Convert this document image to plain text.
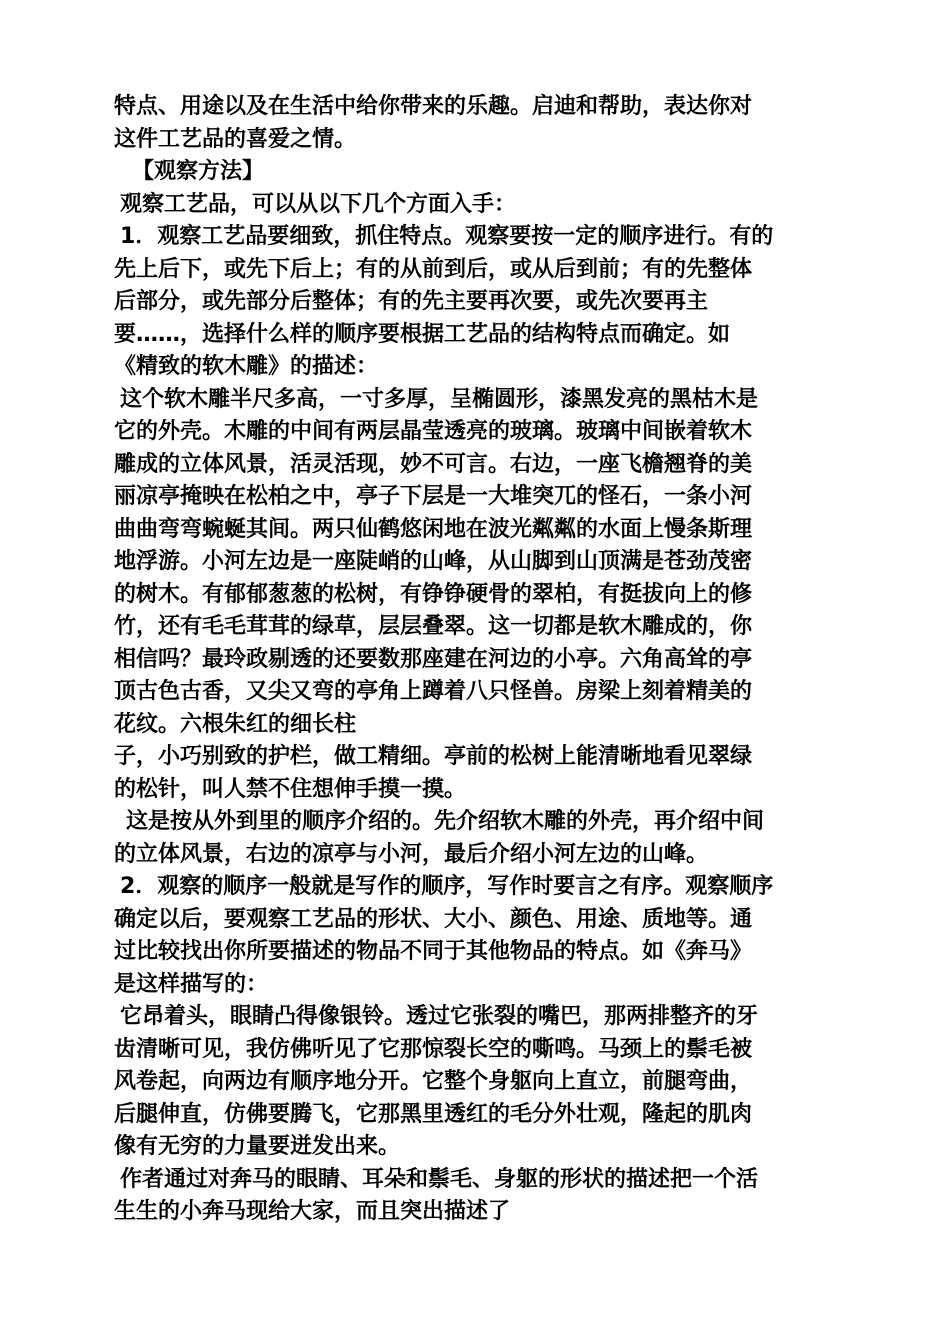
特点、用途以及在生活中给你带来的乐趣。启迪和帮助，表达你对
这件工艺品的喜爱之情。
【观察方法】
观察工艺品，可以从以下几个方面入手：
1．观察工艺品要细致，抓住特点。观察要按一定的顺序进行。有的
先上后下，或先下后上；有的从前到后，或从后到前；有的先整体
后部分，或先部分后整体；有的先主要再次要，或先次要再主
要……，选择什么样的顺序要根据工艺品的结构特点而确定。如
《精致的软木雕》的描述：
这个软木雕半尺多高，一寸多厚，呈椭圆形，漆黑发亮的黑枯木是
它的外壳。木雕的中间有两层晶莹透亮的玻璃。玻璃中间嵌着软木
雕成的立体风景，活灵活现，妙不可言。右边，一座飞檐翘脊的美
丽凉亭掩映在松柏之中，亭子下层是一大堆突兀的怪石，一条小河
曲曲弯弯蜿蜒其间。两只仙鹤悠闲地在波光粼粼的水面上慢条斯理
地浮游。小河左边是一座陡峭的山峰，从山脚到山顶满是苍劲茂密
的树木。有郁郁葱葱的松树，有铮铮硬骨的翠柏，有挺拔向上的修
竹，还有毛毛茸茸的绿草，层层叠翠。这一切都是软木雕成的，你
相信吗？最玲政剔透的还要数那座建在河边的小亭。六角高耸的亭
顶古色古香，又尖又弯的亭角上蹲着八只怪兽。房梁上刻着精美的
花纹。六根朱红的细长柱
子，小巧别致的护栏，做工精细。亭前的松树上能清晰地看见翠绿
的松针，叫人禁不住想伸手摸一摸。
这是按从外到里的顺序介绍的。先介绍软木雕的外壳，再介绍中间
的立体风景，右边的凉亭与小河，最后介绍小河左边的山峰。
2．观察的顺序一般就是写作的顺序，写作时要言之有序。观察顺序
确定以后，要观察工艺品的形状、大小、颜色、用途、质地等。通
过比较找出你所要描述的物品不同于其他物品的特点。如《奔马》
是这样描写的：
它昂着头，眼睛凸得像银铃。透过它张裂的嘴巴，那两排整齐的牙
齿清晰可见，我仿佛听见了它那惊裂长空的嘶鸣。马颈上的鬃毛被
风卷起，向两边有顺序地分开。它整个身躯向上直立，前腿弯曲，
后腿伸直，仿佛要腾飞，它那黑里透红的毛分外壮观，隆起的肌肉
像有无穷的力量要迸发出来。
作者通过对奔马的眼睛、耳朵和鬃毛、身躯的形状的描述把一个活
生生的小奔马现给大家，而且突出描述了
